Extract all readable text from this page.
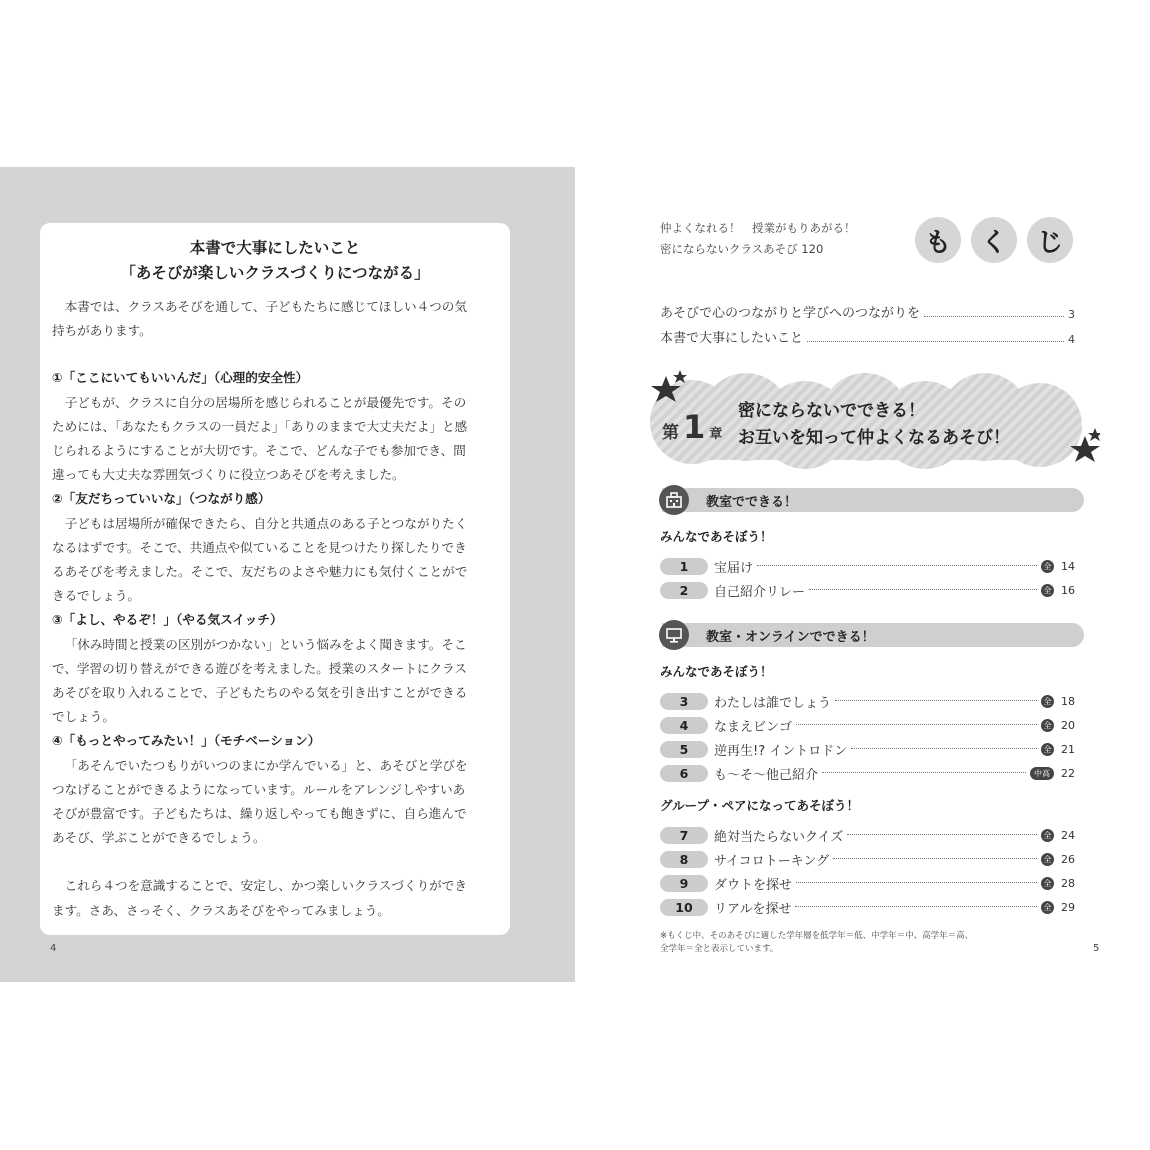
本書で大事にしたいこと
「あそびが楽しいクラスづくりにつながる」

本書では、クラスあそびを通して、子どもたちに感じてほしい４つの気

持ちがあります。

①「ここにいてもいいんだ」（心理的安全性）

子どもが、クラスに自分の居場所を感じられることが最優先です。その

ためには、「あなたもクラスの一員だよ」「ありのままで大丈夫だよ」と感

じられるようにすることが大切です。そこで、どんな子でも参加でき、間

違っても大丈夫な雰囲気づくりに役立つあそびを考えました。

②「友だちっていいな」（つながり感）

子どもは居場所が確保できたら、自分と共通点のある子とつながりたく

なるはずです。そこで、共通点や似ていることを見つけたり探したりでき

るあそびを考えました。そこで、友だちのよさや魅力にも気付くことがで

きるでしょう。

③「よし、やるぞ！」（やる気スイッチ）

「休み時間と授業の区別がつかない」という悩みをよく聞きます。そこ

で、学習の切り替えができる遊びを考えました。授業のスタートにクラス

あそびを取り入れることで、子どもたちのやる気を引き出すことができる

でしょう。

④「もっとやってみたい！」（モチベーション）

「あそんでいたつもりがいつのまにか学んでいる」と、あそびと学びを

つなげることができるようになっています。ルールをアレンジしやすいあ

そびが豊富です。子どもたちは、繰り返しやっても飽きずに、自ら進んで

あそび、学ぶことができるでしょう。

これら４つを意識することで、安定し、かつ楽しいクラスづくりができ

ます。さあ、さっそく、クラスあそびをやってみましょう。

4
仲よくなれる！　授業がもりあがる！
密にならないクラスあそび 120	も	く	じ
あそびで心のつながりと学びへのつながりを	3
本書で大事にしたいこと	4
第 1 章
密にならないでできる！
お互いを知って仲よくなるあそび！
教室でできる！
みんなであそぼう！
1	宝届け	全 14
2	自己紹介リレー	全 16
教室・オンラインでできる！
みんなであそぼう！
3	わたしは誰でしょう	全 18
4	なまえビンゴ	全 20
5	逆再生!? イントロドン	全 21
6	も～そ～他己紹介	中高	22
グループ・ペアになってあそぼう！
7	絶対当たらないクイズ	全 24
8	サイコロトーキング	全 26
9	ダウトを探せ	全 28
10	リアルを探せ	全 29
※もくじ中、そのあそびに適した学年層を低学年＝低、中学年＝中、高学年＝高、
全学年＝全と表示しています。	5
